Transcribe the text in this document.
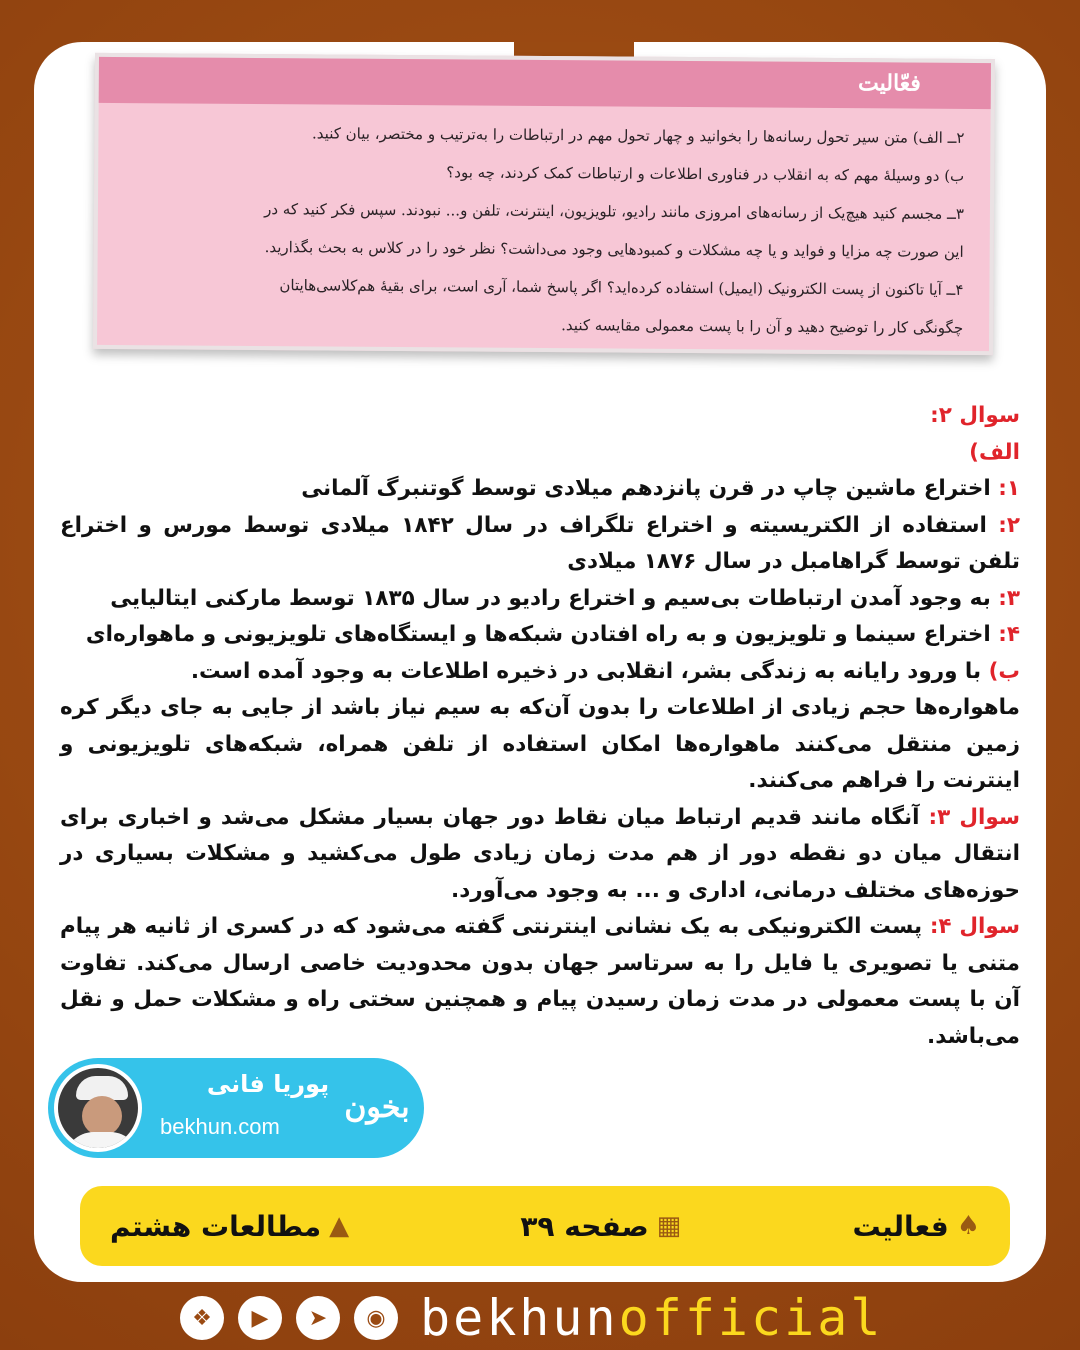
فعّالیت

۲ــ الف) متن سیر تحول رسانه‌ها را بخوانید و چهار تحول مهم در ارتباطات را به‌ترتیب و مختصر، بیان کنید.

ب) دو وسیلهٔ مهم که به انقلاب در فناوری اطلاعات و ارتباطات کمک کردند، چه بود؟

۳ــ مجسم کنید هیچ‌یک از رسانه‌های امروزی مانند رادیو، تلویزیون، اینترنت، تلفن و... نبودند. سپس فکر کنید که در

این صورت چه مزایا و فواید و یا چه مشکلات و کمبودهایی وجود می‌داشت؟ نظر خود را در کلاس به بحث بگذارید.

۴ــ آیا تاکنون از پست الکترونیک (ایمیل) استفاده کرده‌اید؟ اگر پاسخ شما، آری است، برای بقیهٔ هم‌کلاسی‌هایتان

چگونگی کار را توضیح دهید و آن را با پست معمولی مقایسه کنید.

سوال ۲:

الف)

۱: اختراع ماشین چاپ در قرن پانزدهم میلادی توسط گوتنبرگ آلمانی

۲: استفاده از الکتریسیته و اختراع تلگراف در سال ۱۸۴۲ میلادی توسط مورس و اختراع تلفن توسط گراهامبل در سال ۱۸۷۶ میلادی

۳: به وجود آمدن ارتباطات بی‌سیم و اختراع رادیو در سال ۱۸۳۵ توسط مارکنی ایتالیایی

۴: اختراع سینما و تلویزیون و به راه افتادن شبکه‌ها و ایستگاه‌های تلویزیونی و ماهواره‌ای

ب) با ورود رایانه به زندگی بشر، انقلابی در ذخیره اطلاعات به وجود آمده است.

ماهواره‌ها حجم زیادی از اطلاعات را بدون آن‌که به سیم نیاز باشد از جایی به جای دیگر کره زمین منتقل می‌کنند ماهواره‌ها امکان استفاده از تلفن همراه، شبکه‌های تلویزیونی و اینترنت را فراهم می‌کنند.

سوال ۳: آنگاه مانند قدیم ارتباط میان نقاط دور جهان بسیار مشکل می‌شد و اخباری برای انتقال میان دو نقطه دور از هم مدت زمان زیادی طول می‌کشید و مشکلات بسیاری در حوزه‌های مختلف درمانی، اداری و ... به وجود می‌آورد.

سوال ۴: پست الکترونیکی به یک نشانی اینترنتی گفته می‌شود که در کسری از ثانیه هر پیام متنی یا تصویری یا فایل را به سرتاسر جهان بدون محدودیت خاصی ارسال می‌کند. تفاوت آن با پست معمولی در مدت زمان رسیدن پیام و همچنین سختی راه و مشکلات حمل و نقل می‌باشد.

پوریا فانی
bekhun.com
بخون
♠
فعالیت
▦
صفحه ۳۹
▲
مطالعات هشتم
❖	▶	➤	◉ bekhunofficial
